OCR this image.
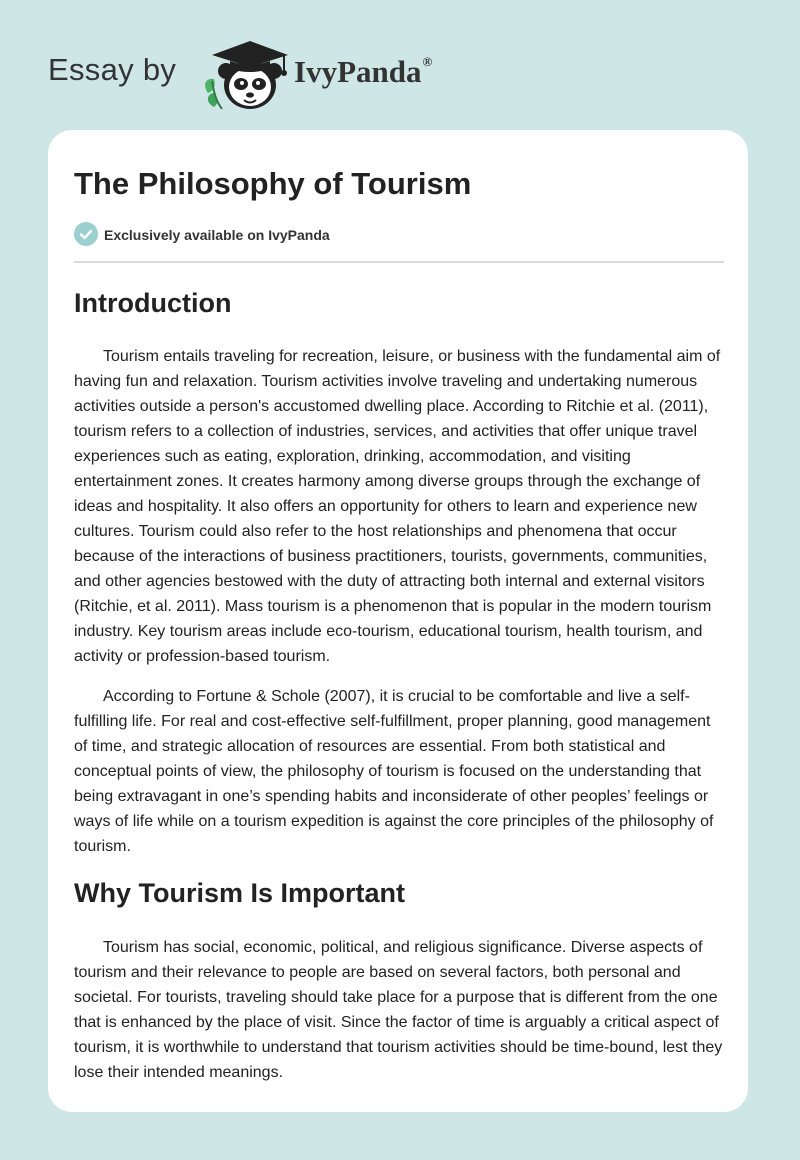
Essay by	IvyPanda®
The Philosophy of Tourism
Exclusively available on IvyPanda
Introduction

Tourism entails traveling for recreation, leisure, or business with the fundamental aim of having fun and relaxation. Tourism activities involve traveling and undertaking numerous activities outside a person's accustomed dwelling place. According to Ritchie et al. (2011), tourism refers to a collection of industries, services, and activities that offer unique travel experiences such as eating, exploration, drinking, accommodation, and visiting entertainment zones. It creates harmony among diverse groups through the exchange of ideas and hospitality. It also offers an opportunity for others to learn and experience new cultures. Tourism could also refer to the host relationships and phenomena that occur because of the interactions of business practitioners, tourists, governments, communities, and other agencies bestowed with the duty of attracting both internal and external visitors (Ritchie, et al. 2011). Mass tourism is a phenomenon that is popular in the modern tourism industry. Key tourism areas include eco-tourism, educational tourism, health tourism, and activity or profession-based tourism.

According to Fortune & Schole (2007), it is crucial to be comfortable and live a self-fulfilling life. For real and cost-effective self-fulfillment, proper planning, good management of time, and strategic allocation of resources are essential. From both statistical and conceptual points of view, the philosophy of tourism is focused on the understanding that being extravagant in one’s spending habits and inconsiderate of other peoples’ feelings or ways of life while on a tourism expedition is against the core principles of the philosophy of tourism.

Why Tourism Is Important

Tourism has social, economic, political, and religious significance. Diverse aspects of tourism and their relevance to people are based on several factors, both personal and societal. For tourists, traveling should take place for a purpose that is different from the one that is enhanced by the place of visit. Since the factor of time is arguably a critical aspect of tourism, it is worthwhile to understand that tourism activities should be time-bound, lest they lose their intended meanings.
